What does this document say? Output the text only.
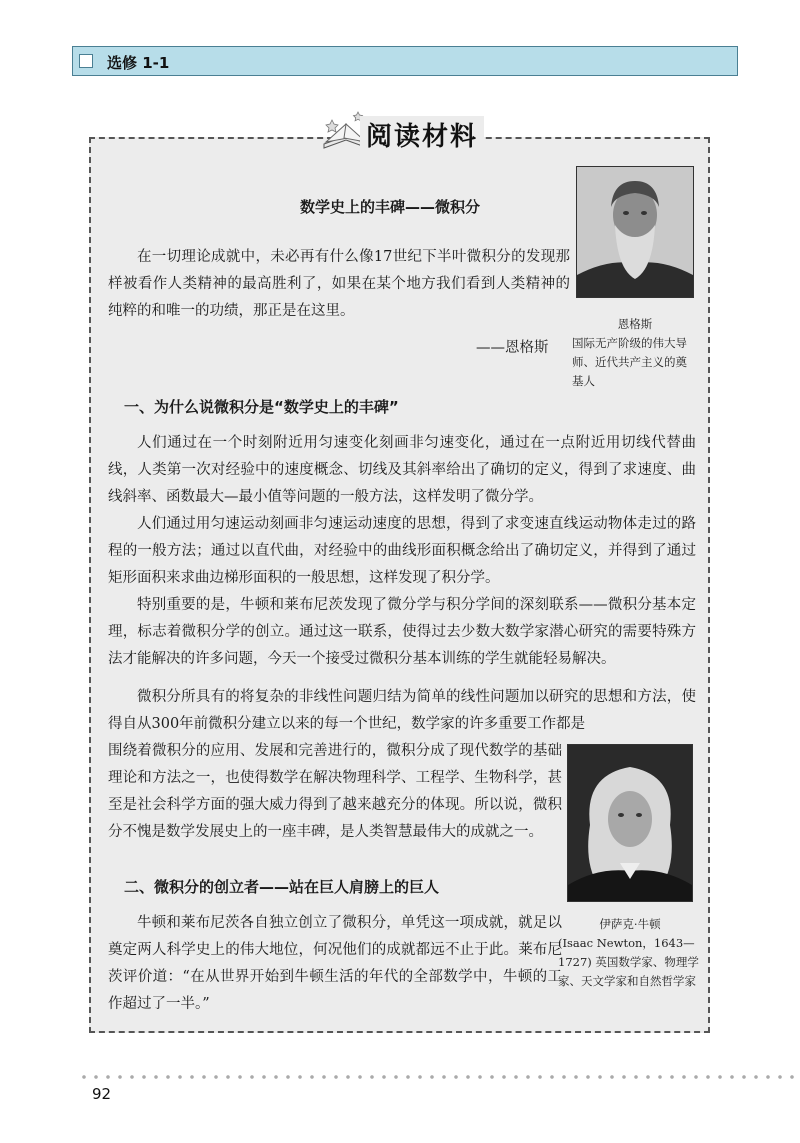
选修 1-1
阅读材料
数学史上的丰碑——微积分

在一切理论成就中，未必再有什么像17世纪下半叶微积分的发现那样被看作人类精神的最高胜利了，如果在某个地方我们看到人类精神的纯粹的和唯一的功绩，那正是在这里。

——恩格斯
恩格斯
国际无产阶级的伟大导师、近代共产主义的奠基人
一、为什么说微积分是“数学史上的丰碑”

人们通过在一个时刻附近用匀速变化刻画非匀速变化，通过在一点附近用切线代替曲线，人类第一次对经验中的速度概念、切线及其斜率给出了确切的定义，得到了求速度、曲线斜率、函数最大—最小值等问题的一般方法，这样发明了微分学。

人们通过用匀速运动刻画非匀速运动速度的思想，得到了求变速直线运动物体走过的路程的一般方法；通过以直代曲，对经验中的曲线形面积概念给出了确切定义，并得到了通过矩形面积来求曲边梯形面积的一般思想，这样发现了积分学。

特别重要的是，牛顿和莱布尼茨发现了微分学与积分学间的深刻联系——微积分基本定理，标志着微积分学的创立。通过这一联系，使得过去少数大数学家潜心研究的需要特殊方法才能解决的许多问题，今天一个接受过微积分基本训练的学生就能轻易解决。

微积分所具有的将复杂的非线性问题归结为简单的线性问题加以研究的思想和方法，使得自从300年前微积分建立以来的每一个世纪，数学家的许多重要工作都是

围绕着微积分的应用、发展和完善进行的，微积分成了现代数学的基础理论和方法之一，也使得数学在解决物理科学、工程学、生物科学，甚至是社会科学方面的强大威力得到了越来越充分的体现。所以说，微积分不愧是数学发展史上的一座丰碑，是人类智慧最伟大的成就之一。

二、微积分的创立者——站在巨人肩膀上的巨人

牛顿和莱布尼茨各自独立创立了微积分，单凭这一项成就，就足以奠定两人科学史上的伟大地位，何况他们的成就都远不止于此。莱布尼茨评价道：“在从世界开始到牛顿生活的年代的全部数学中，牛顿的工作超过了一半。”

伊萨克·牛顿
(Isaac Newton，1643—1727) 英国数学家、物理学家、天文学家和自然哲学家
92
